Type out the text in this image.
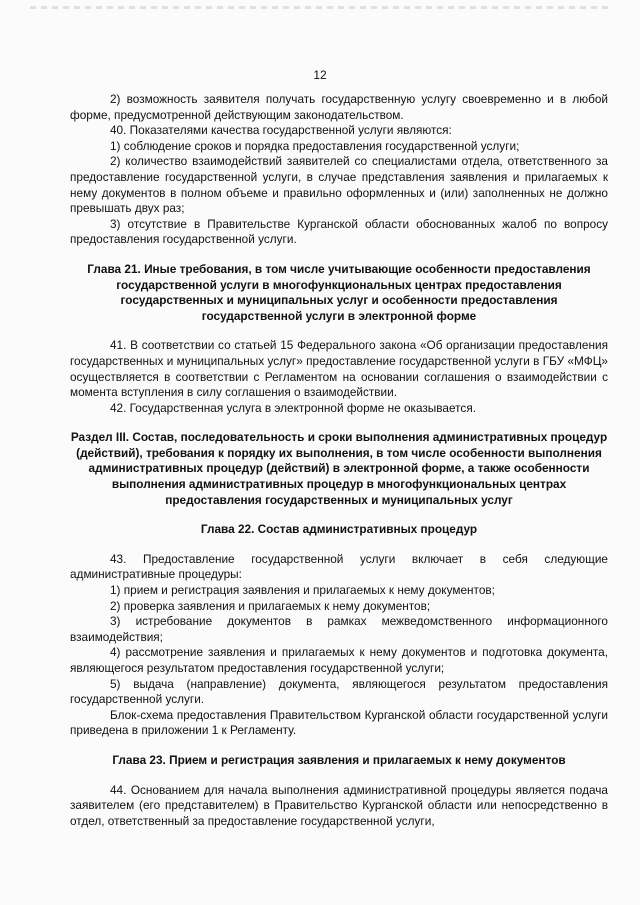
12

2) возможность заявителя получать государственную услугу своевременно и в любой форме, предусмотренной действующим законодательством.

40. Показателями качества государственной услуги являются:

1) соблюдение сроков и порядка предоставления государственной услуги;

2) количество взаимодействий заявителей со специалистами отдела, ответственного за предоставление государственной услуги, в случае представления заявления и прилагаемых к нему документов в полном объеме и правильно оформленных и (или) заполненных не должно превышать двух раз;

3) отсутствие в Правительстве Курганской области обоснованных жалоб по вопросу предоставления государственной услуги.

Глава 21. Иные требования, в том числе учитывающие особенности предоставления государственной услуги в многофункциональных центрах предоставления государственных и муниципальных услуг и особенности предоставления государственной услуги в электронной форме

41. В соответствии со статьей 15 Федерального закона «Об организации предоставления государственных и муниципальных услуг» предоставление государственной услуги в ГБУ «МФЦ» осуществляется в соответствии с Регламентом на основании соглашения о взаимодействии с момента вступления в силу соглашения о взаимодействии.

42. Государственная услуга в электронной форме не оказывается.

Раздел III. Состав, последовательность и сроки выполнения административных процедур (действий), требования к порядку их выполнения, в том числе особенности выполнения административных процедур (действий) в электронной форме, а также особенности выполнения административных процедур в многофункциональных центрах предоставления государственных и муниципальных услуг
Глава 22. Состав административных процедур

43. Предоставление государственной услуги включает в себя следующие административные процедуры:

1) прием и регистрация заявления и прилагаемых к нему документов;

2) проверка заявления и прилагаемых к нему документов;

3) истребование документов в рамках межведомственного информационного взаимодействия;

4) рассмотрение заявления и прилагаемых к нему документов и подготовка документа, являющегося результатом предоставления государственной услуги;

5) выдача (направление) документа, являющегося результатом предоставления государственной услуги.

Блок-схема предоставления Правительством Курганской области государственной услуги приведена в приложении 1 к Регламенту.

Глава 23. Прием и регистрация заявления и прилагаемых к нему документов

44. Основанием для начала выполнения административной процедуры является подача заявителем (его представителем) в Правительство Курганской области или непосредственно в отдел, ответственный за предоставление государственной услуги,
